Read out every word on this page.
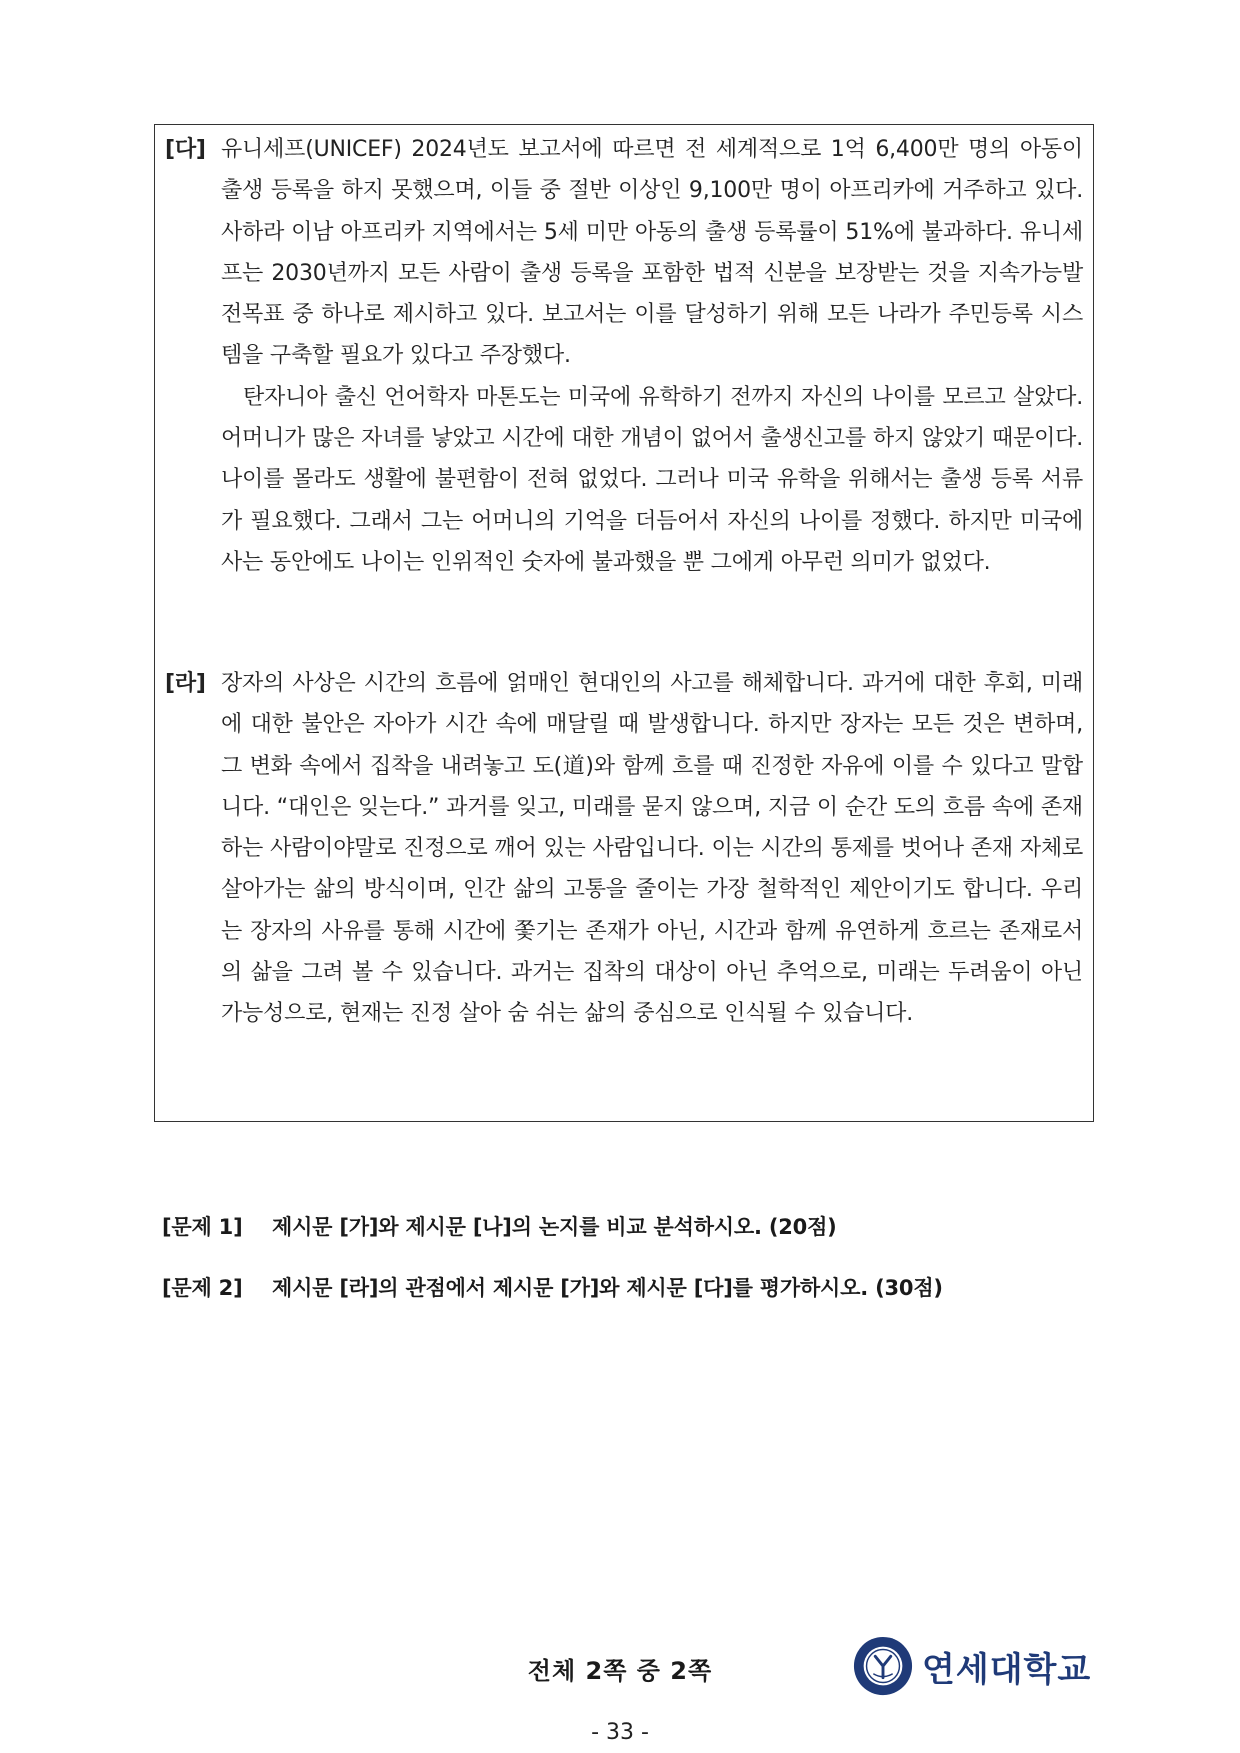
[다] 유니세프(UNICEF) 2024년도 보고서에 따르면 전 세계적으로 1억 6,400만 명의 아동이 출생 등록을 하지 못했으며, 이들 중 절반 이상인 9,100만 명이 아프리카에 거주하고 있다. 사하라 이남 아프리카 지역에서는 5세 미만 아동의 출생 등록률이 51%에 불과하다. 유니세프는 2030년까지 모든 사람이 출생 등록을 포함한 법적 신분을 보장받는 것을 지속가능발전목표 중 하나로 제시하고 있다. 보고서는 이를 달성하기 위해 모든 나라가 주민등록 시스템을 구축할 필요가 있다고 주장했다.

탄자니아 출신 언어학자 마톤도는 미국에 유학하기 전까지 자신의 나이를 모르고 살았다. 어머니가 많은 자녀를 낳았고 시간에 대한 개념이 없어서 출생신고를 하지 않았기 때문이다. 나이를 몰라도 생활에 불편함이 전혀 없었다. 그러나 미국 유학을 위해서는 출생 등록 서류가 필요했다. 그래서 그는 어머니의 기억을 더듬어서 자신의 나이를 정했다. 하지만 미국에 사는 동안에도 나이는 인위적인 숫자에 불과했을 뿐 그에게 아무런 의미가 없었다.

[라] 장자의 사상은 시간의 흐름에 얽매인 현대인의 사고를 해체합니다. 과거에 대한 후회, 미래에 대한 불안은 자아가 시간 속에 매달릴 때 발생합니다. 하지만 장자는 모든 것은 변하며, 그 변화 속에서 집착을 내려놓고 도(道)와 함께 흐를 때 진정한 자유에 이를 수 있다고 말합니다. “대인은 잊는다.” 과거를 잊고, 미래를 묻지 않으며, 지금 이 순간 도의 흐름 속에 존재하는 사람이야말로 진정으로 깨어 있는 사람입니다. 이는 시간의 통제를 벗어나 존재 자체로 살아가는 삶의 방식이며, 인간 삶의 고통을 줄이는 가장 철학적인 제안이기도 합니다. 우리는 장자의 사유를 통해 시간에 쫓기는 존재가 아닌, 시간과 함께 유연하게 흐르는 존재로서의 삶을 그려 볼 수 있습니다. 과거는 집착의 대상이 아닌 추억으로, 미래는 두려움이 아닌 가능성으로, 현재는 진정 살아 숨 쉬는 삶의 중심으로 인식될 수 있습니다.

[문제 1] 제시문 [가]와 제시문 [나]의 논지를 비교 분석하시오. (20점)
[문제 2] 제시문 [라]의 관점에서 제시문 [가]와 제시문 [다]를 평가하시오. (30점)
전체 2쪽 중 2쪽	연세대학교
- 33 -
